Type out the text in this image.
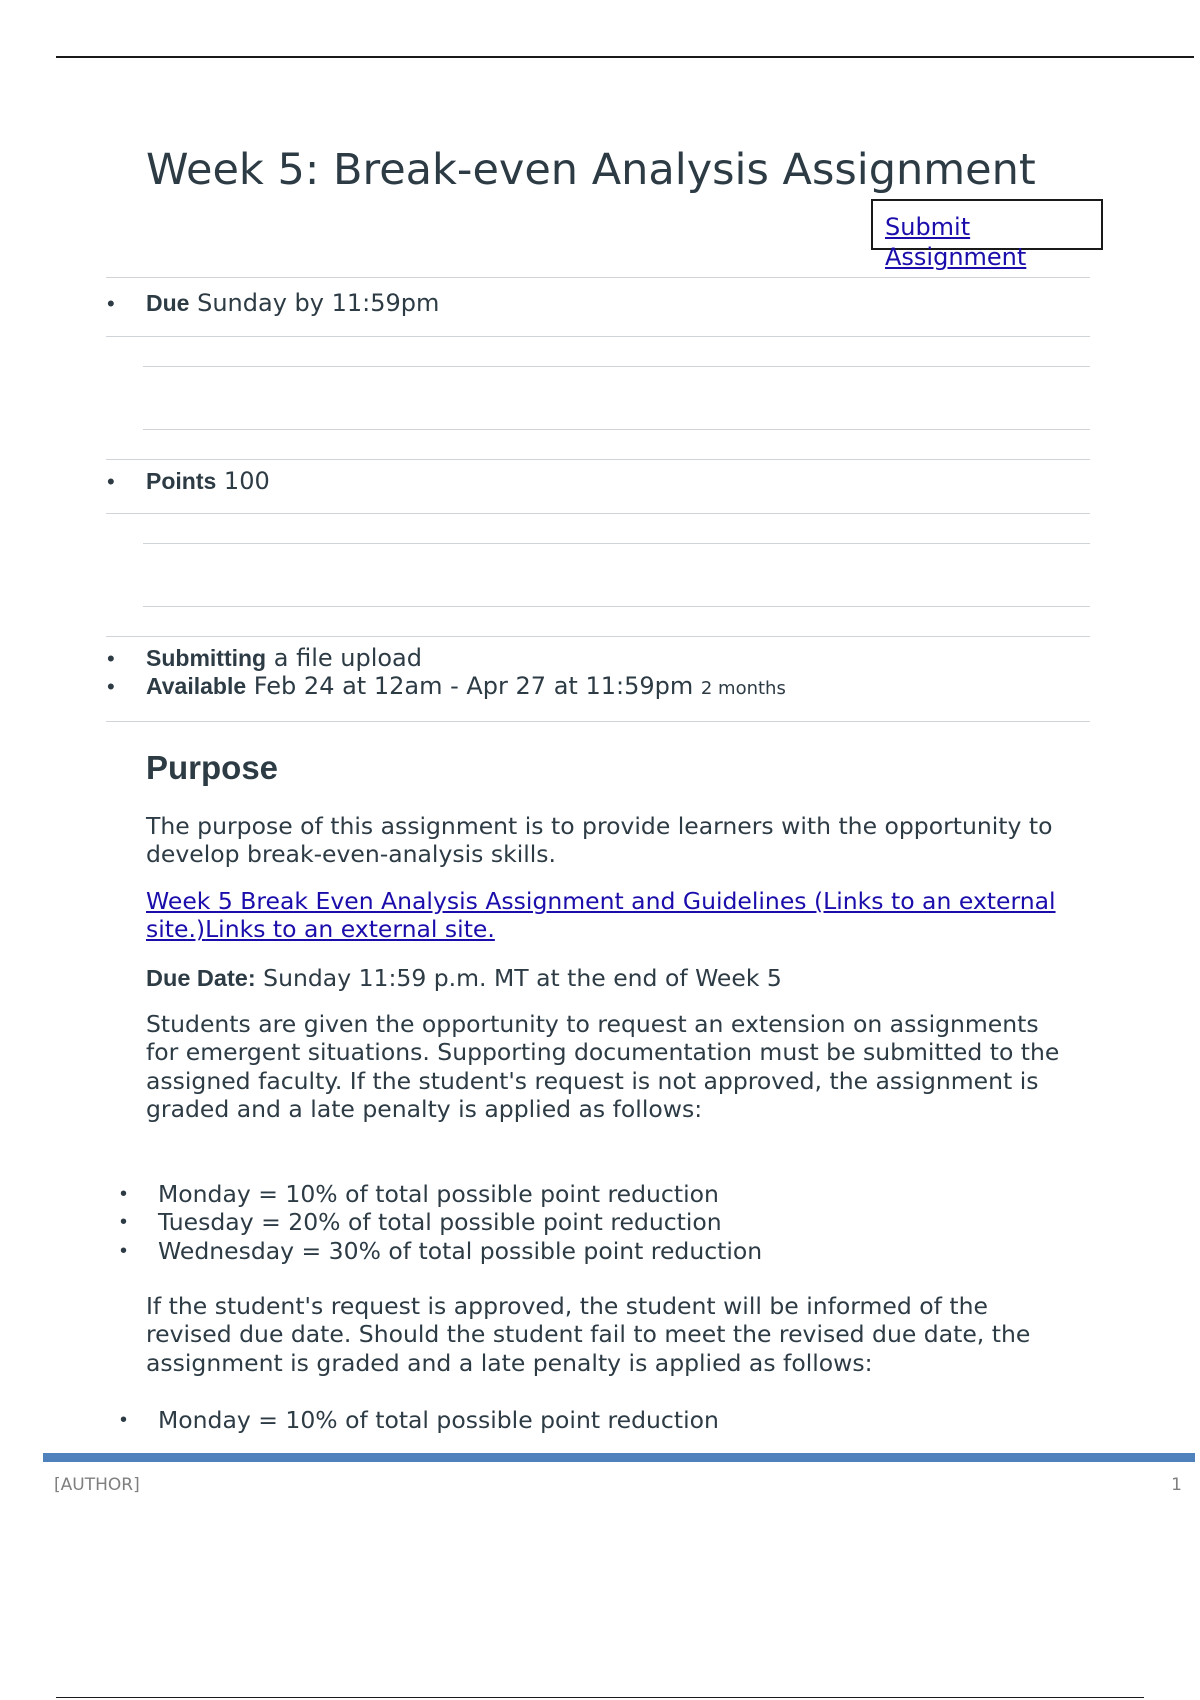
Week 5: Break-even Analysis Assignment
Submit Assignment
• Due Sunday by 11:59pm
• Points 100
• Submitting a file upload
• Available Feb 24 at 12am - Apr 27 at 11:59pm 2 months
Purpose

The purpose of this assignment is to provide learners with the opportunity to develop break-even-analysis skills.

Week 5 Break Even Analysis Assignment and Guidelines (Links to an external site.)Links to an external site.

Due Date: Sunday 11:59 p.m. MT at the end of Week 5

Students are given the opportunity to request an extension on assignments for emergent situations. Supporting documentation must be submitted to the assigned faculty. If the student's request is not approved, the assignment is graded and a late penalty is applied as follows:

• Monday = 10% of total possible point reduction
• Tuesday = 20% of total possible point reduction
• Wednesday = 30% of total possible point reduction

If the student's request is approved, the student will be informed of the revised due date. Should the student fail to meet the revised due date, the assignment is graded and a late penalty is applied as follows:

• Monday = 10% of total possible point reduction
[AUTHOR]	1
